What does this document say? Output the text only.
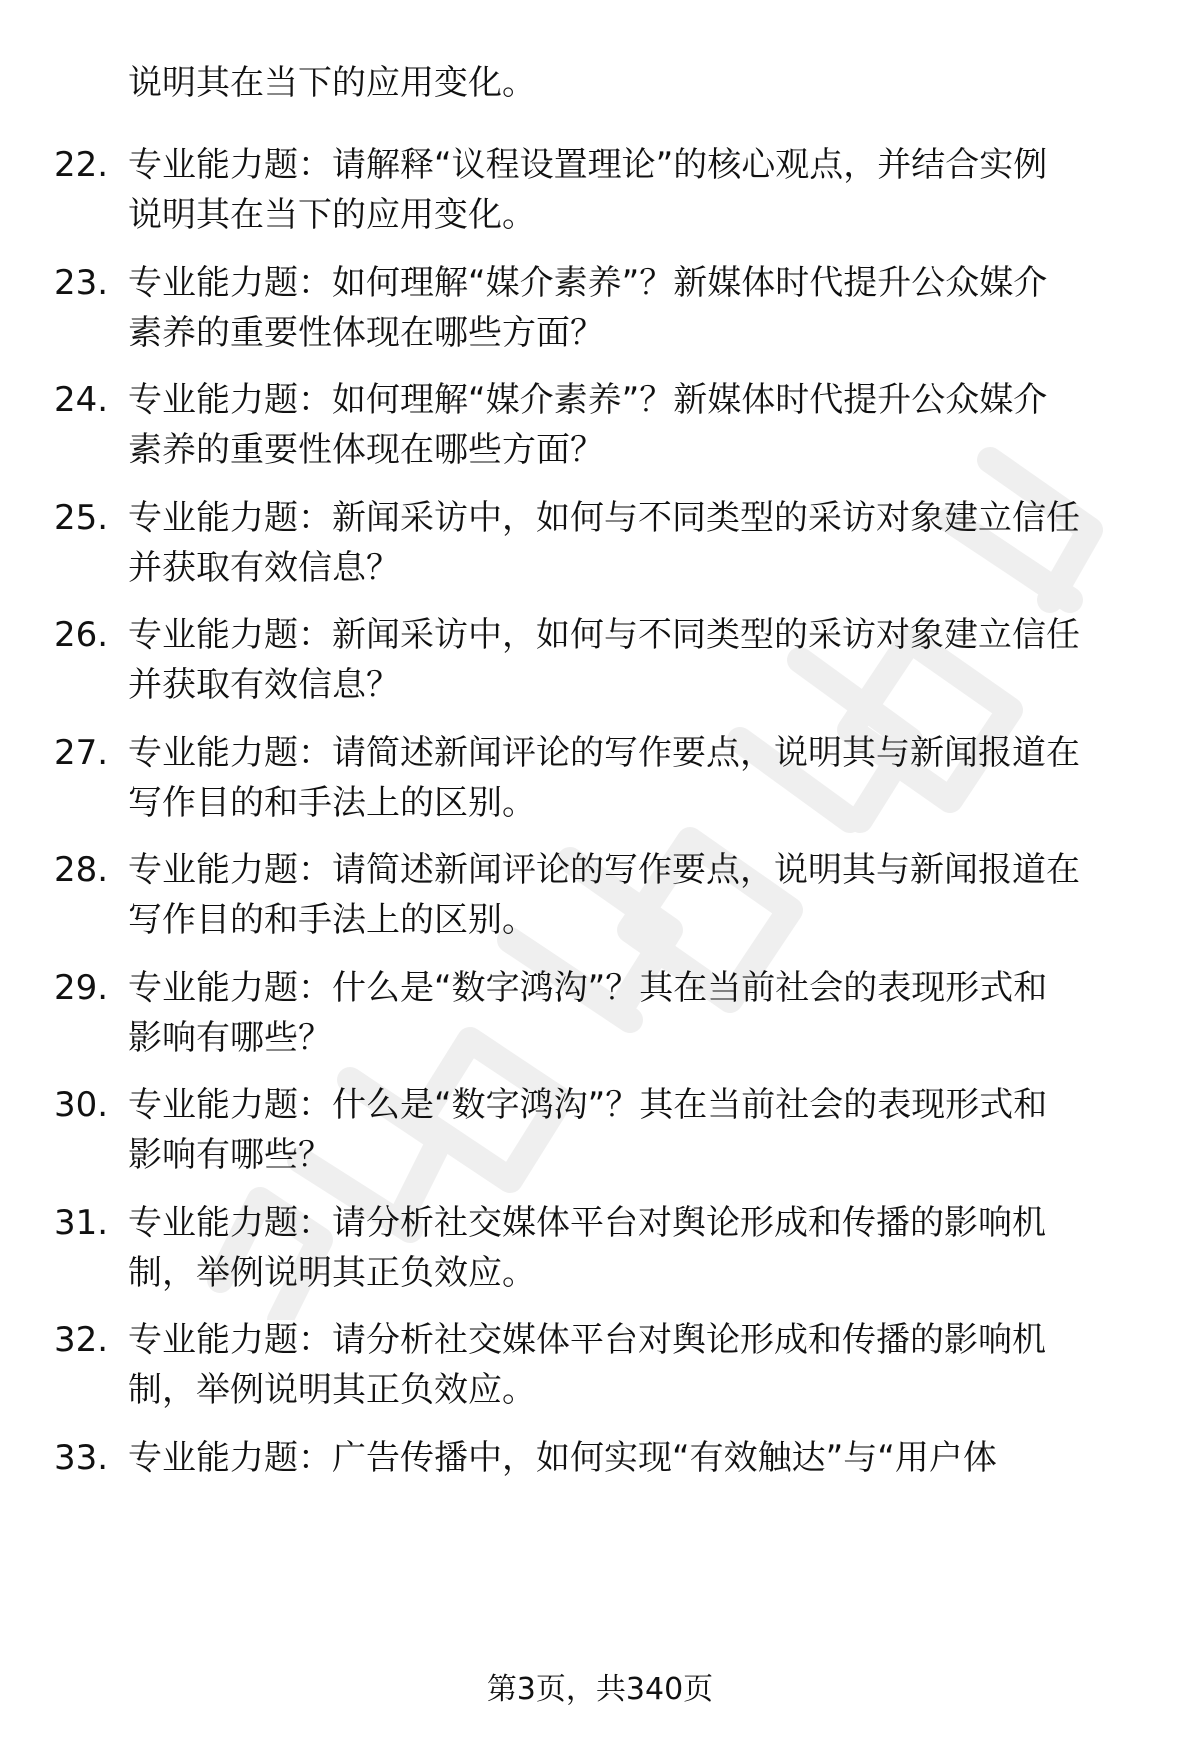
说明其在当下的应用变化。
22. 专业能力题：请解释“议程设置理论”的核心观点，并结合实例
说明其在当下的应用变化。
23. 专业能力题：如何理解“媒介素养”？新媒体时代提升公众媒介
素养的重要性体现在哪些方面？
24. 专业能力题：如何理解“媒介素养”？新媒体时代提升公众媒介
素养的重要性体现在哪些方面？
25. 专业能力题：新闻采访中，如何与不同类型的采访对象建立信任
并获取有效信息？
26. 专业能力题：新闻采访中，如何与不同类型的采访对象建立信任
并获取有效信息？
27. 专业能力题：请简述新闻评论的写作要点，说明其与新闻报道在
写作目的和手法上的区别。
28. 专业能力题：请简述新闻评论的写作要点，说明其与新闻报道在
写作目的和手法上的区别。
29. 专业能力题：什么是“数字鸿沟”？其在当前社会的表现形式和
影响有哪些？
30. 专业能力题：什么是“数字鸿沟”？其在当前社会的表现形式和
影响有哪些？
31. 专业能力题：请分析社交媒体平台对舆论形成和传播的影响机
制，举例说明其正负效应。
32. 专业能力题：请分析社交媒体平台对舆论形成和传播的影响机
制，举例说明其正负效应。
33. 专业能力题：广告传播中，如何实现“有效触达”与“用户体
第3页，共340页
